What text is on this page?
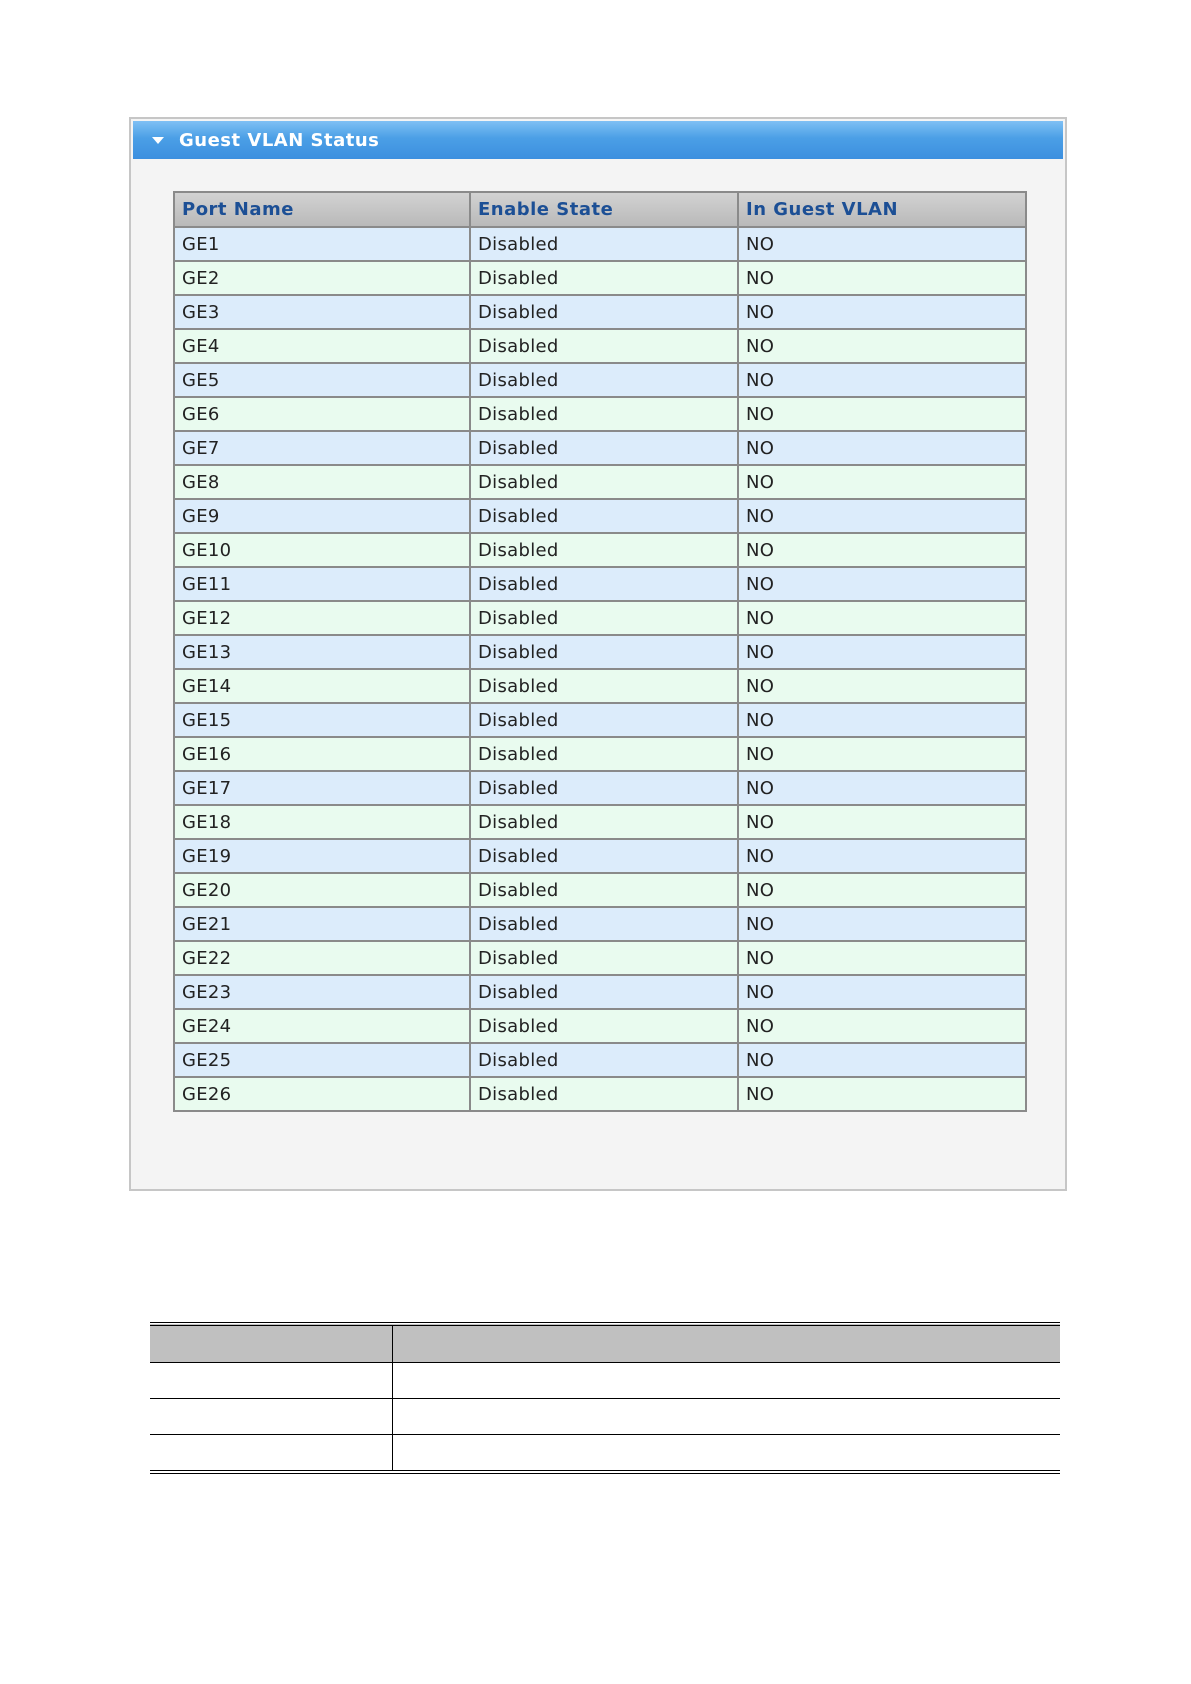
Guest VLAN Status
Port Name	Enable State	In Guest VLAN
GE1	Disabled	NO
GE2	Disabled	NO
GE3	Disabled	NO
GE4	Disabled	NO
GE5	Disabled	NO
GE6	Disabled	NO
GE7	Disabled	NO
GE8	Disabled	NO
GE9	Disabled	NO
GE10	Disabled	NO
GE11	Disabled	NO
GE12	Disabled	NO
GE13	Disabled	NO
GE14	Disabled	NO
GE15	Disabled	NO
GE16	Disabled	NO
GE17	Disabled	NO
GE18	Disabled	NO
GE19	Disabled	NO
GE20	Disabled	NO
GE21	Disabled	NO
GE22	Disabled	NO
GE23	Disabled	NO
GE24	Disabled	NO
GE25	Disabled	NO
GE26	Disabled	NO
